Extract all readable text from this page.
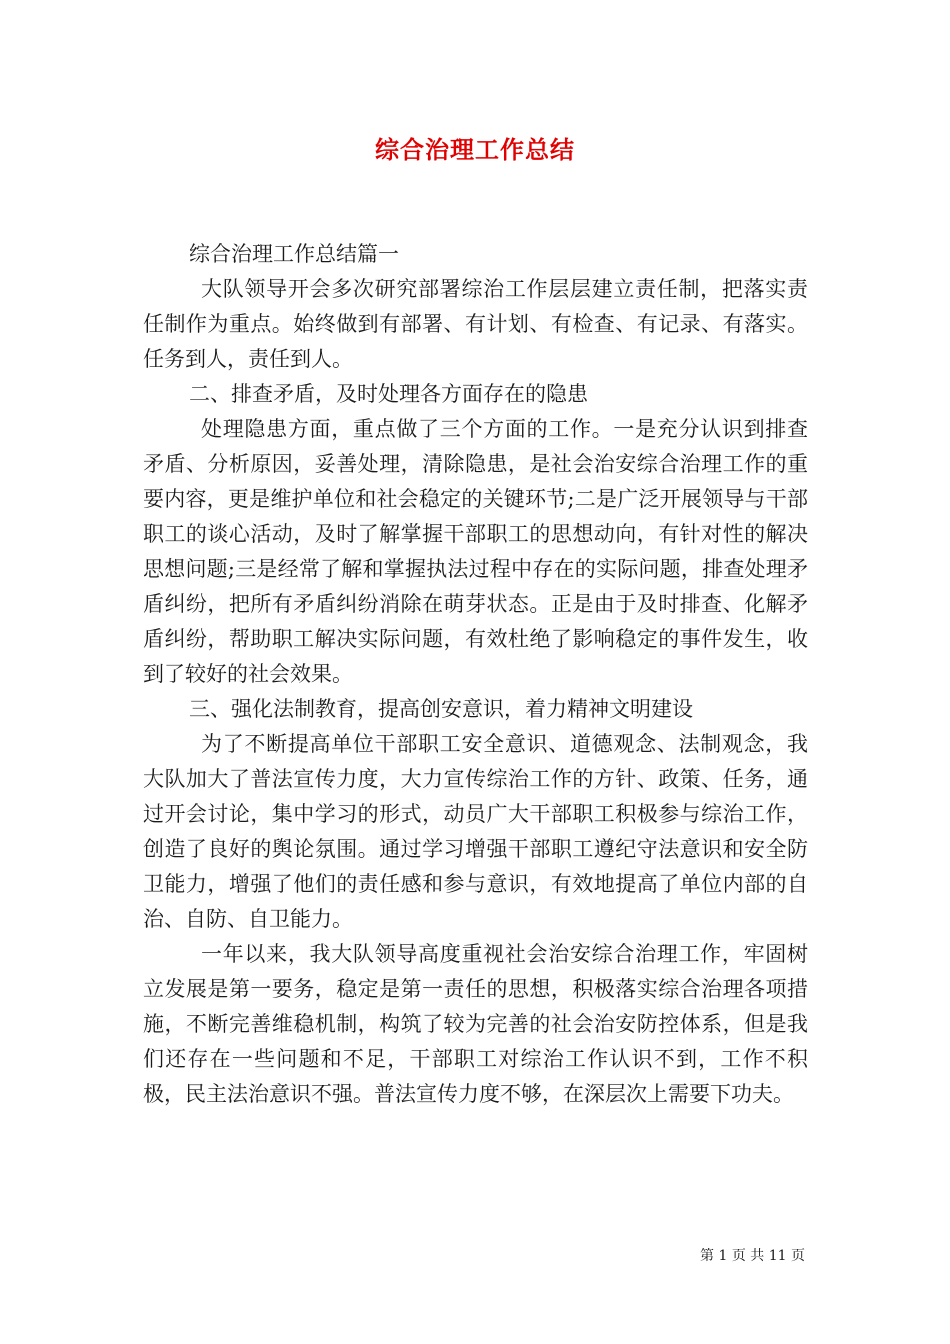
综合治理工作总结

综合治理工作总结篇一

大队领导开会多次研究部署综治工作层层建立责任制，把落实责任制作为重点。始终做到有部署、有计划、有检查、有记录、有落实。任务到人，责任到人。

二、排查矛盾，及时处理各方面存在的隐患

处理隐患方面，重点做了三个方面的工作。一是充分认识到排查矛盾、分析原因，妥善处理，清除隐患，是社会治安综合治理工作的重要内容，更是维护单位和社会稳定的关键环节;二是广泛开展领导与干部职工的谈心活动，及时了解掌握干部职工的思想动向，有针对性的解决思想问题;三是经常了解和掌握执法过程中存在的实际问题，排查处理矛盾纠纷，把所有矛盾纠纷消除在萌芽状态。正是由于及时排查、化解矛盾纠纷，帮助职工解决实际问题，有效杜绝了影响稳定的事件发生，收到了较好的社会效果。

三、强化法制教育，提高创安意识，着力精神文明建设

为了不断提高单位干部职工安全意识、道德观念、法制观念，我大队加大了普法宣传力度，大力宣传综治工作的方针、政策、任务，通过开会讨论，集中学习的形式，动员广大干部职工积极参与综治工作，创造了良好的舆论氛围。通过学习增强干部职工遵纪守法意识和安全防卫能力，增强了他们的责任感和参与意识，有效地提高了单位内部的自治、自防、自卫能力。

一年以来，我大队领导高度重视社会治安综合治理工作，牢固树立发展是第一要务，稳定是第一责任的思想，积极落实综合治理各项措施，不断完善维稳机制，构筑了较为完善的社会治安防控体系，但是我们还存在一些问题和不足，干部职工对综治工作认识不到，工作不积极，民主法治意识不强。普法宣传力度不够，在深层次上需要下功夫。

第 1 页 共 11 页
